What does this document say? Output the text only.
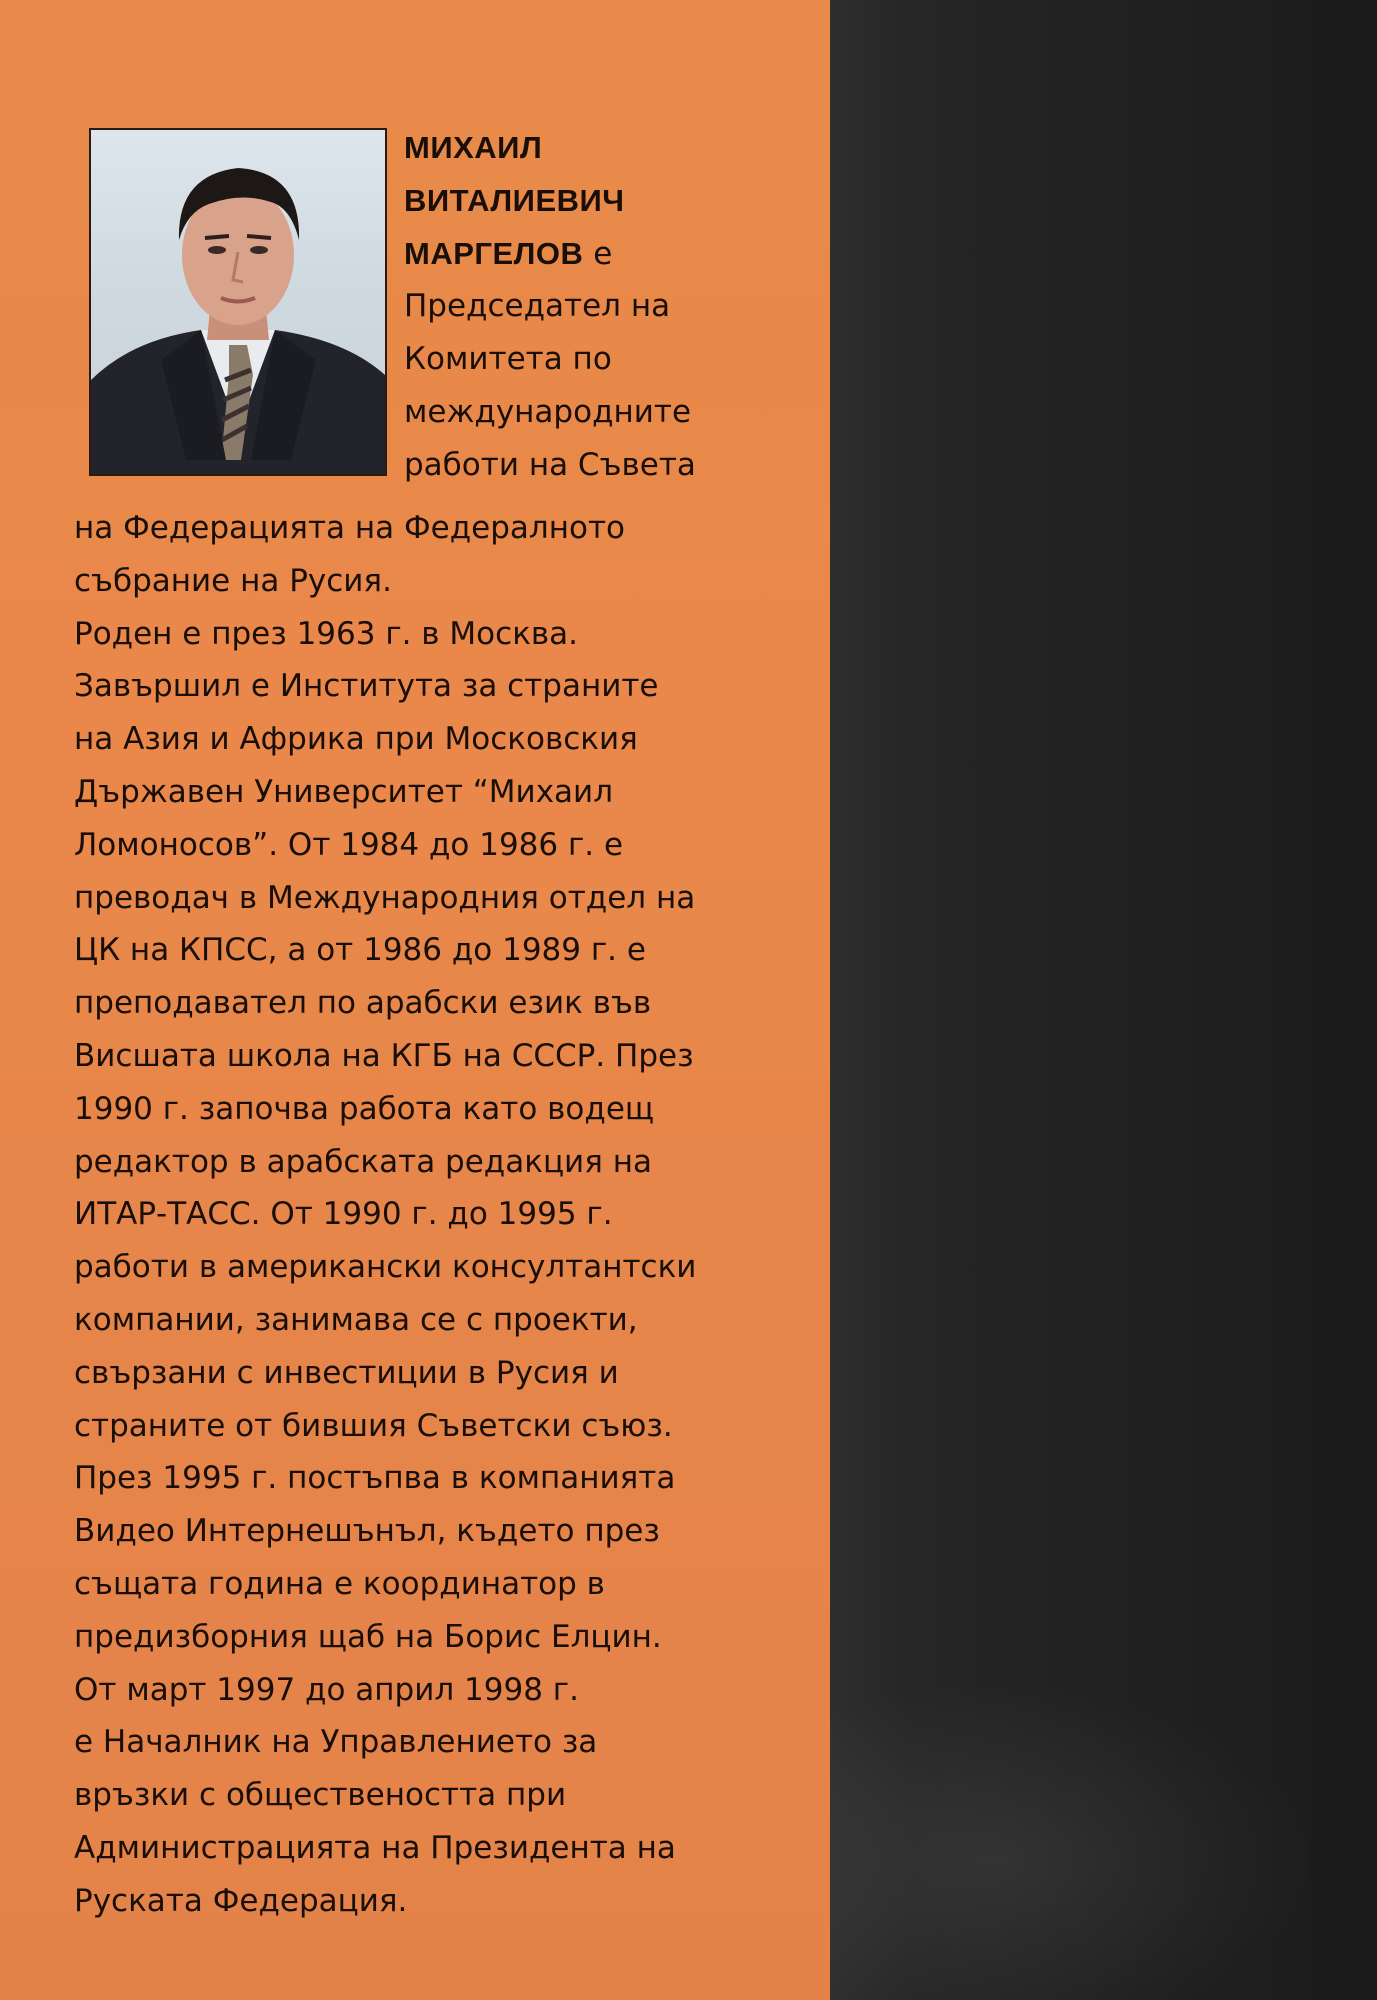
МИХАИЛ
ВИТАЛИЕВИЧ
МАРГЕЛОВ е
Председател на
Комитета по
международните
работи на Съвета
на Федерацията на Федералното
събрание на Русия.
Роден е през 1963 г. в Москва.
Завършил е Института за страните
на Азия и Африка при Московския
Държавен Университет “Михаил
Ломоносов”. От 1984 до 1986 г. е
преводач в Международния отдел на
ЦК на КПСС, а от 1986 до 1989 г. е
преподавател по арабски език във
Висшата школа на КГБ на СССР. През
1990 г. започва работа като водещ
редактор в арабската редакция на
ИТАР-ТАСС. От 1990 г. до 1995 г.
работи в американски консултантски
компании, занимава се с проекти,
свързани с инвестиции в Русия и
страните от бившия Съветски съюз.
През 1995 г. постъпва в компанията
Видео Интернешънъл, където през
същата година е координатор в
предизборния щаб на Борис Елцин.
От март 1997 до април 1998 г.
е Началник на Управлението за
връзки с обществеността при
Администрацията на Президента на
Руската Федерация.
